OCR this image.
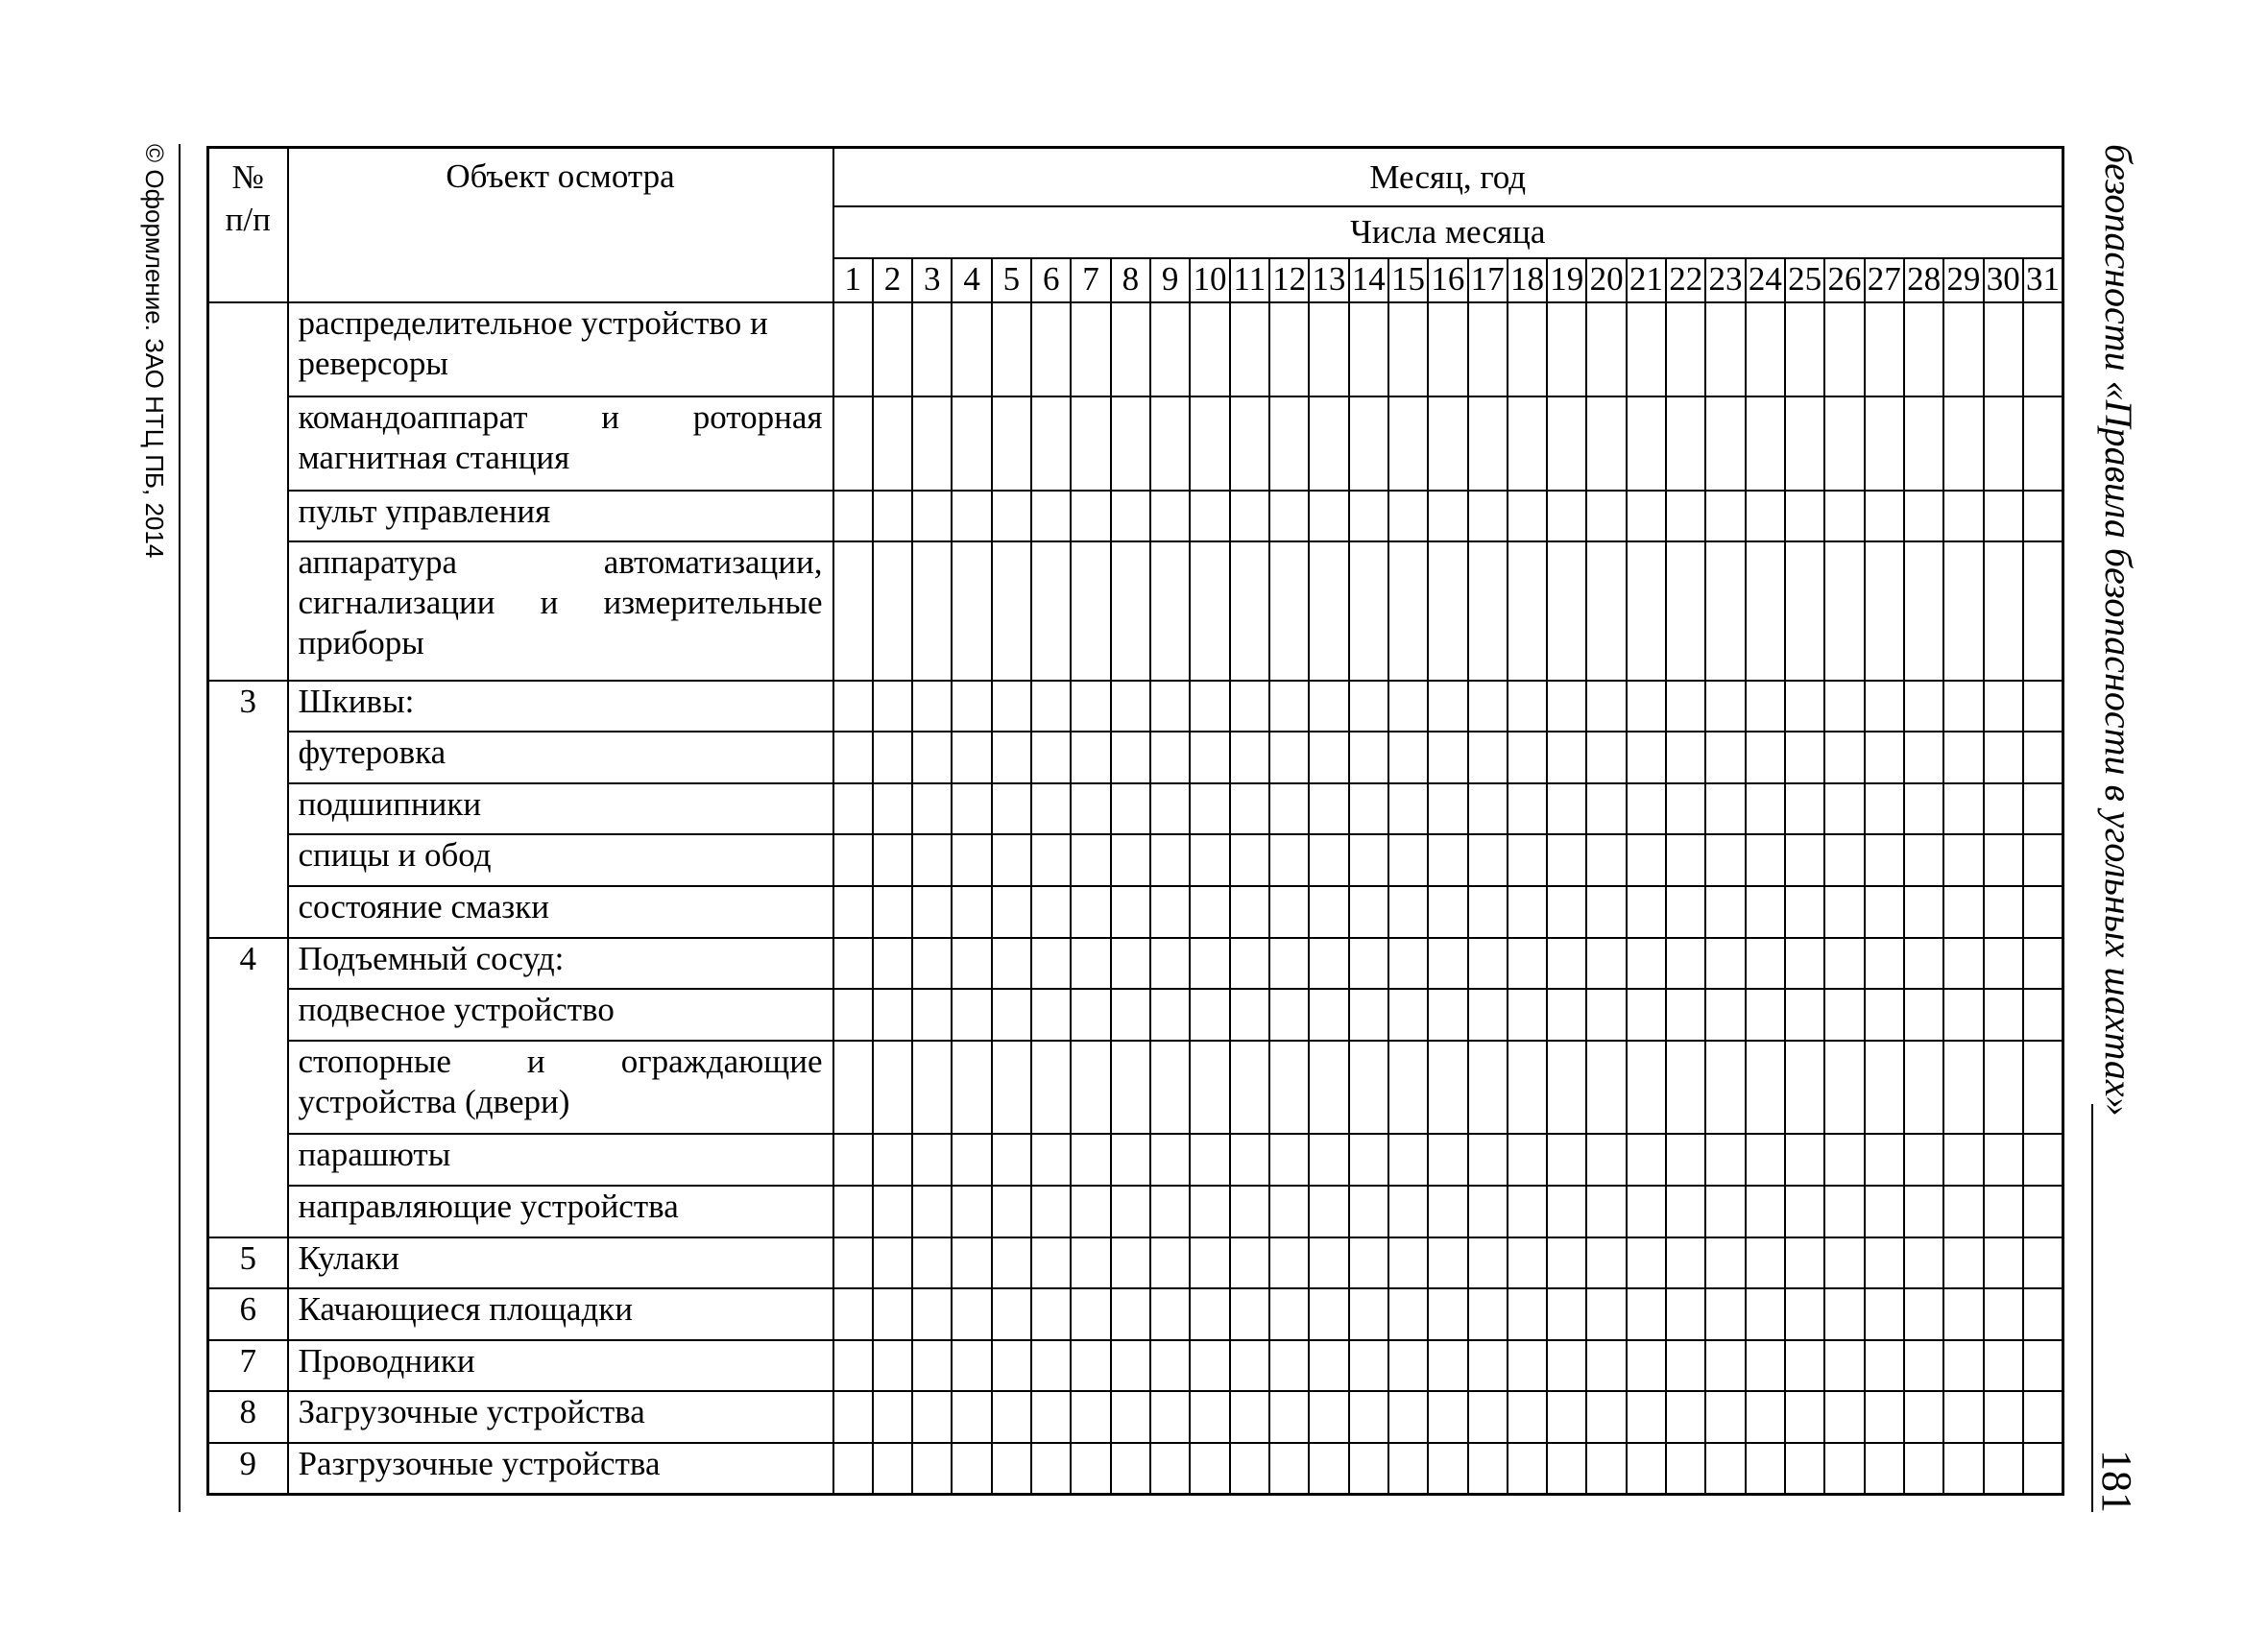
© Оформление. ЗАО НТЦ ПБ, 2014	безопасности «Правила безопасности в угольных шахтах»
181
№ п/п	Объект осмотра	Месяц, год																														
		Числа месяца																														
		1	2	3	4	5	6	7	8	9	10	11	12	13	14	15	16	17	18	19	20	21	22	23	24	25	26	27	28	29	30	31
	распределительное устройство и реверсоры																															
	командоаппарат и роторная магнитная станция																															
	пульт управления																															
	аппаратура автоматизации, сигнализации и измерительные приборы																															
3	Шкивы:																															
	футеровка																															
	подшипники																															
	спицы и обод																															
	состояние смазки																															
4	Подъемный сосуд:																															
	подвесное устройство																															
	стопорные и ограждающие устройства (двери)																															
	парашюты																															
	направляющие устройства																															
5	Кулаки																															
6	Качающиеся площадки																															
7	Проводники																															
8	Загрузочные устройства																															
9	Разгрузочные устройства																															
